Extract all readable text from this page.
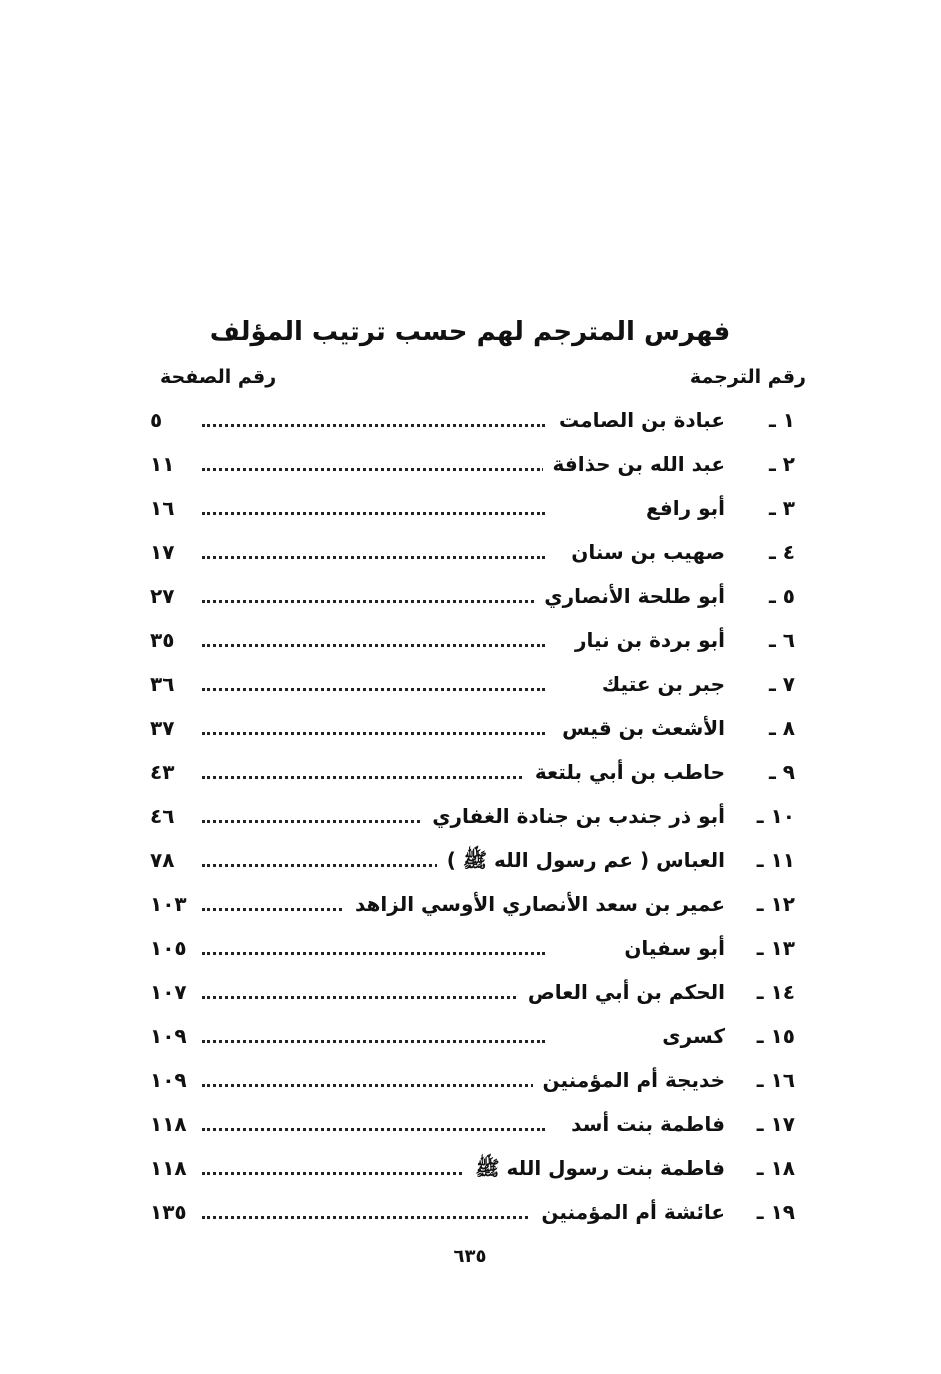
فهرس المترجم لهم حسب ترتيب المؤلف
رقم الترجمة
رقم الصفحة
١ ـ
عبادة بن الصامت
٥
٢ ـ
عبد الله بن حذافة
١١
٣ ـ
أبو رافع
١٦
٤ ـ
صهيب بن سنان
١٧
٥ ـ
أبو طلحة الأنصاري
٢٧
٦ ـ
أبو بردة بن نيار
٣٥
٧ ـ
جبر بن عتيك
٣٦
٨ ـ
الأشعث بن قيس
٣٧
٩ ـ
حاطب بن أبي بلتعة
٤٣
١٠ ـ
أبو ذر جندب بن جنادة الغفاري
٤٦
١١ ـ
العباس ( عم رسول الله ﷺ )
٧٨
١٢ ـ
عمير بن سعد الأنصاري الأوسي الزاهد
١٠٣
١٣ ـ
أبو سفيان
١٠٥
١٤ ـ
الحكم بن أبي العاص
١٠٧
١٥ ـ
كسرى
١٠٩
١٦ ـ
خديجة أم المؤمنين
١٠٩
١٧ ـ
فاطمة بنت أسد
١١٨
١٨ ـ
فاطمة بنت رسول الله ﷺ
١١٨
١٩ ـ
عائشة أم المؤمنين
١٣٥
٦٣٥
